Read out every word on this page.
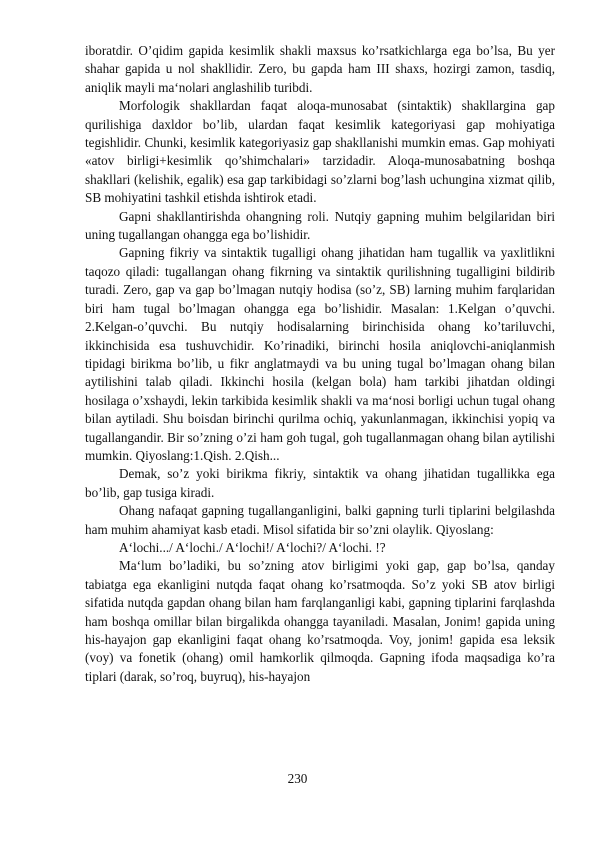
iboratdir. O’qidim gapida kesimlik shakli maxsus ko’rsatkichlarga ega bo’lsa, Bu yer shahar gapida u nol shakllidir. Zero, bu gapda ham III shaxs, hozirgi zamon, tasdiq, aniqlik mayli ma‘nolari anglashilib turibdi.

Morfologik shakllardan faqat aloqa-munosabat (sintaktik) shakllargina gap qurilishiga daxldor bo’lib, ulardan faqat kesimlik kategoriyasi gap mohiyatiga tegishlidir. Chunki, kesimlik kategoriyasiz gap shakllanishi mumkin emas. Gap mohiyati «atov birligi+kesimlik qo’shimchalari» tarzidadir. Aloqa-munosabatning boshqa shakllari (kelishik, egalik) esa gap tarkibidagi so’zlarni bog’lash uchungina xizmat qilib, SB mohiyatini tashkil etishda ishtirok etadi.

Gapni shakllantirishda ohangning roli. Nutqiy gapning muhim belgilaridan biri uning tugallangan ohangga ega bo’lishidir.

Gapning fikriy va sintaktik tugalligi ohang jihatidan ham tugallik va yaxlitlikni taqozo qiladi: tugallangan ohang fikrning va sintaktik qurilishning tugalligini bildirib turadi. Zero, gap va gap bo’lmagan nutqiy hodisa (so’z, SB) larning muhim farqlaridan biri ham tugal bo’lmagan ohangga ega bo’lishidir. Masalan: 1.Kelgan o’quvchi. 2.Kelgan-o’quvchi. Bu nutqiy hodisalarning birinchisida ohang ko’tariluvchi, ikkinchisida esa tushuvchidir. Ko’rinadiki, birinchi hosila aniqlovchi-aniqlanmish tipidagi birikma bo’lib, u fikr anglatmaydi va bu uning tugal bo’lmagan ohang bilan aytilishini talab qiladi. Ikkinchi hosila (kelgan bola) ham tarkibi jihatdan oldingi hosilaga o’xshaydi, lekin tarkibida kesimlik shakli va ma‘nosi borligi uchun tugal ohang bilan aytiladi. Shu boisdan birinchi qurilma ochiq, yakunlanmagan, ikkinchisi yopiq va tugallangandir. Bir so’zning o’zi ham goh tugal, goh tugallanmagan ohang bilan aytilishi mumkin. Qiyoslang:1.Qish. 2.Qish...

Demak, so’z yoki birikma fikriy, sintaktik va ohang jihatidan tugallikka ega bo’lib, gap tusiga kiradi.

Ohang nafaqat gapning tugallanganligini, balki gapning turli tiplarini belgilashda ham muhim ahamiyat kasb etadi. Misol sifatida bir so’zni olaylik. Qiyoslang:

A‘lochi.../ A‘lochi./ A‘lochi!/ A‘lochi?/ A‘lochi. !?

Ma‘lum bo’ladiki, bu so’zning atov birligimi yoki gap, gap bo’lsa, qanday tabiatga ega ekanligini nutqda faqat ohang ko’rsatmoqda. So’z yoki SB atov birligi sifatida nutqda gapdan ohang bilan ham farqlanganligi kabi, gapning tiplarini farqlashda ham boshqa omillar bilan birgalikda ohangga tayaniladi. Masalan, Jonim! gapida uning his-hayajon gap ekanligini faqat ohang ko’rsatmoqda. Voy, jonim! gapida esa leksik (voy) va fonetik (ohang) omil hamkorlik qilmoqda. Gapning ifoda maqsadiga ko’ra tiplari (darak, so’roq, buyruq), his-hayajon

230
